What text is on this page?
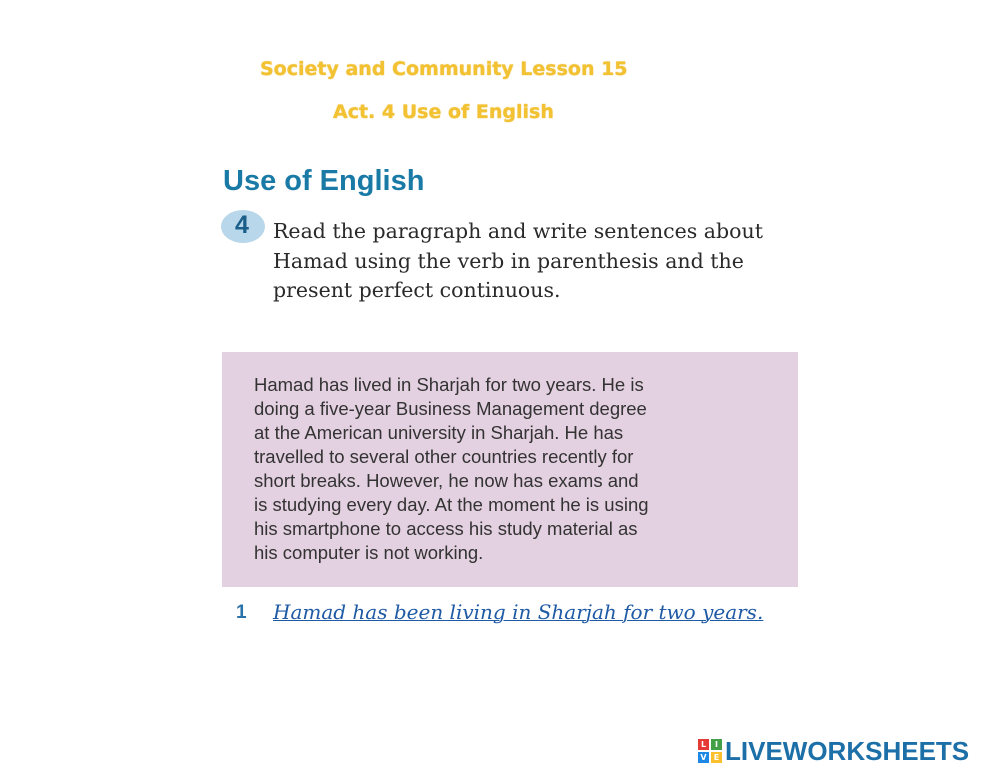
Society and Community Lesson 15
Act. 4 Use of English
Use of English
4 Read the paragraph and write sentences about Hamad using the verb in parenthesis and the present perfect continuous.

Hamad has lived in Sharjah for two years. He is
doing a five-year Business Management degree
at the American university in Sharjah. He has
travelled to several other countries recently for
short breaks. However, he now has exams and
is studying every day. At the moment he is using
his smartphone to access his study material as
his computer is not working.
1 Hamad has been living in Sharjah for two years.

L	I
V E LIVEWORKSHEETS
